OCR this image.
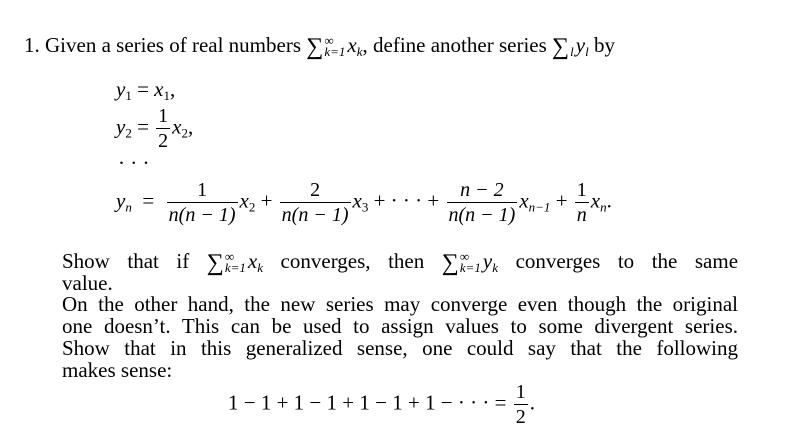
1. Given a series of real numbers ∑ ∞
k=1 $x_k$, define another series ∑
l $y_l$ by
$y_1 = x_1$,
$y_2 = \frac{1}{2} x_2$,
· · ·
$y_n = \frac{1}{n(n - 1)} x_2 + \frac{2}{n(n - 1)} x_3$ + · · · + $\frac{n - 2}{n(n - 1)} x_{n-1} + \frac{1}{n} x_n$.
Show that if ∑ ∞
k=1 $x_k$ converges, then ∑ ∞
k=1 $y_k$ converges to the same
value.
On the other hand, the new series may converge even though the original
one doesn’t. This can be used to assign values to some divergent series.
Show that in this generalized sense, one could say that the following
makes sense:
1 − 1 + 1 − 1 + 1 − 1 + 1 − · · · = $\frac{1}{2}$ .
